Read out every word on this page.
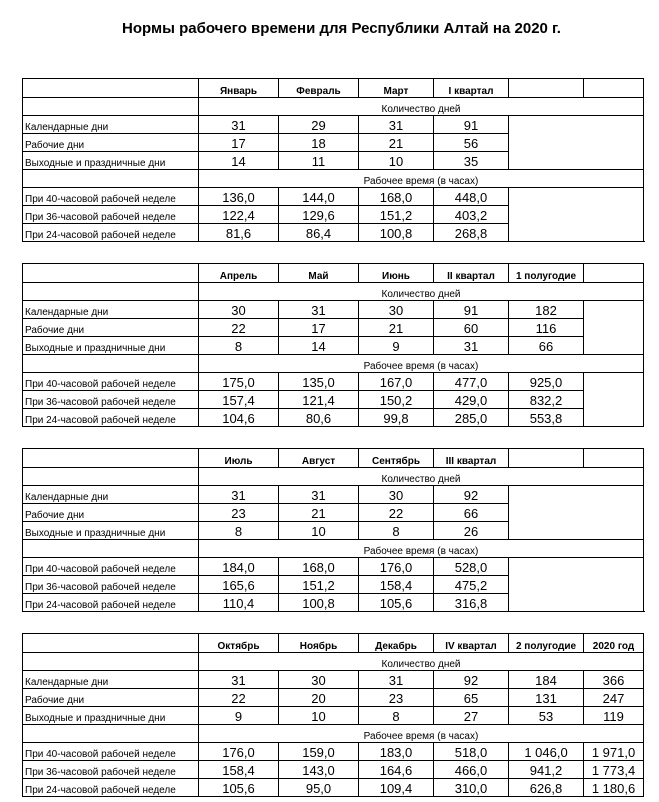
Нормы рабочего времени для Республики Алтай на 2020 г.
	Январь	Февраль	Март	I квартал		
	Количество дней					
Календарные дни	31	29	31	91		
Рабочие дни	17	18	21	56		
Выходные и праздничные дни	14	11	10	35		
	Рабочее время (в часах)					
При 40-часовой рабочей неделе	136,0	144,0	168,0	448,0		
При 36-часовой рабочей неделе	122,4	129,6	151,2	403,2		
При 24-часовой рабочей неделе	81,6	86,4	100,8	268,8		
	Апрель	Май	Июнь	II квартал	1 полугодие	
	Количество дней					
Календарные дни	30	31	30	91	182	
Рабочие дни	22	17	21	60	116	
Выходные и праздничные дни	8	14	9	31	66	
	Рабочее время (в часах)					
При 40-часовой рабочей неделе	175,0	135,0	167,0	477,0	925,0	
При 36-часовой рабочей неделе	157,4	121,4	150,2	429,0	832,2	
При 24-часовой рабочей неделе	104,6	80,6	99,8	285,0	553,8	
	Июль	Август	Сентябрь	III квартал		
	Количество дней					
Календарные дни	31	31	30	92		
Рабочие дни	23	21	22	66		
Выходные и праздничные дни	8	10	8	26		
	Рабочее время (в часах)					
При 40-часовой рабочей неделе	184,0	168,0	176,0	528,0		
При 36-часовой рабочей неделе	165,6	151,2	158,4	475,2		
При 24-часовой рабочей неделе	110,4	100,8	105,6	316,8		
	Октябрь	Ноябрь	Декабрь	IV квартал	2 полугодие	2020 год
	Количество дней					
Календарные дни	31	30	31	92	184	366
Рабочие дни	22	20	23	65	131	247
Выходные и праздничные дни	9	10	8	27	53	119
	Рабочее время (в часах)					
При 40-часовой рабочей неделе	176,0	159,0	183,0	518,0	1 046,0	1 971,0
При 36-часовой рабочей неделе	158,4	143,0	164,6	466,0	941,2	1 773,4
При 24-часовой рабочей неделе	105,6	95,0	109,4	310,0	626,8	1 180,6
